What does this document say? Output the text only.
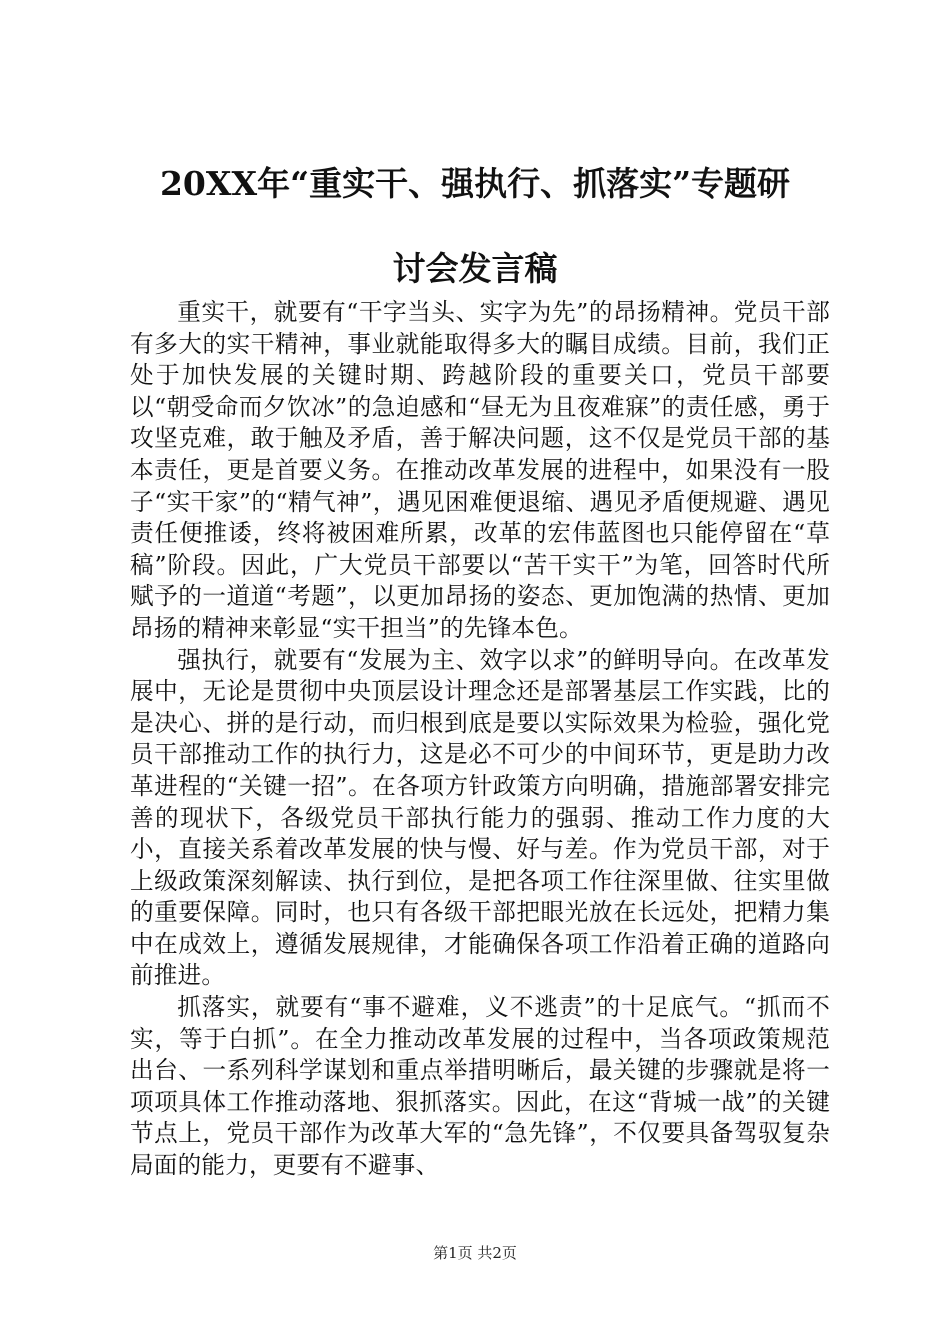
20XX年“重实干、强执行、抓落实”专题研
讨会发言稿

重实干，就要有“干字当头、实字为先”的昂扬精神。党员干部有多大的实干精神，事业就能取得多大的瞩目成绩。目前，我们正处于加快发展的关键时期、跨越阶段的重要关口，党员干部要以“朝受命而夕饮冰”的急迫感和“昼无为且夜难寐”的责任感，勇于攻坚克难，敢于触及矛盾，善于解决问题，这不仅是党员干部的基本责任，更是首要义务。在推动改革发展的进程中，如果没有一股子“实干家”的“精气神”，遇见困难便退缩、遇见矛盾便规避、遇见责任便推诿，终将被困难所累，改革的宏伟蓝图也只能停留在“草稿”阶段。因此，广大党员干部要以“苦干实干”为笔，回答时代所赋予的一道道“考题”，以更加昂扬的姿态、更加饱满的热情、更加昂扬的精神来彰显“实干担当”的先锋本色。

强执行，就要有“发展为主、效字以求”的鲜明导向。在改革发展中，无论是贯彻中央顶层设计理念还是部署基层工作实践，比的是决心、拼的是行动，而归根到底是要以实际效果为检验，强化党员干部推动工作的执行力，这是必不可少的中间环节，更是助力改革进程的“关键一招”。在各项方针政策方向明确，措施部署安排完善的现状下，各级党员干部执行能力的强弱、推动工作力度的大小，直接关系着改革发展的快与慢、好与差。作为党员干部，对于上级政策深刻解读、执行到位，是把各项工作往深里做、往实里做的重要保障。同时，也只有各级干部把眼光放在长远处，把精力集中在成效上，遵循发展规律，才能确保各项工作沿着正确的道路向前推进。

抓落实，就要有“事不避难，义不逃责”的十足底气。“抓而不实，等于白抓”。在全力推动改革发展的过程中，当各项政策规范出台、一系列科学谋划和重点举措明晰后，最关键的步骤就是将一项项具体工作推动落地、狠抓落实。因此，在这“背城一战”的关键节点上，党员干部作为改革大军的“急先锋”，不仅要具备驾驭复杂局面的能力，更要有不避事、

第1页 共2页
